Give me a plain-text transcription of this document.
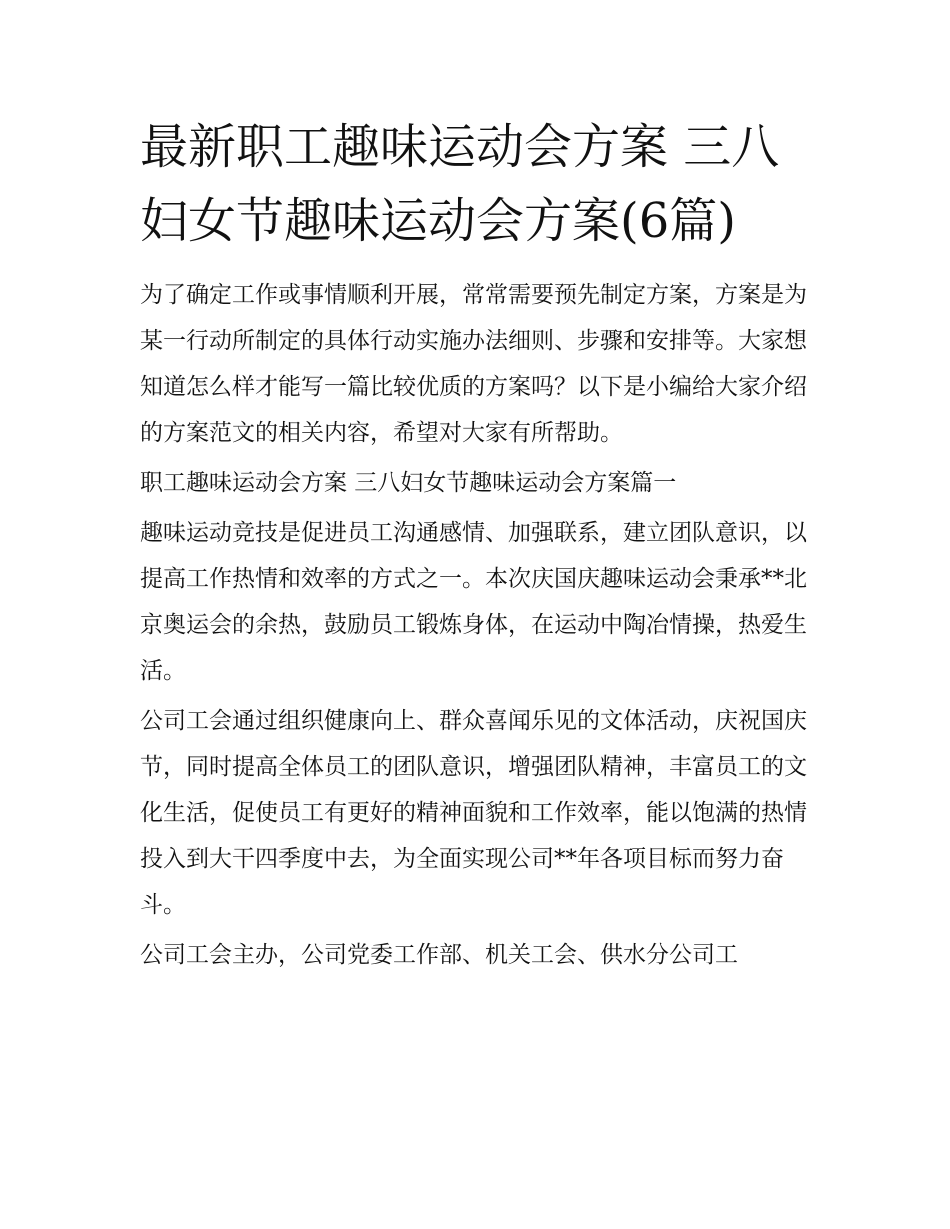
最新职工趣味运动会方案 三八妇女节趣味运动会方案(6篇)

为了确定工作或事情顺利开展，常常需要预先制定方案，方案是为某一行动所制定的具体行动实施办法细则、步骤和安排等。大家想知道怎么样才能写一篇比较优质的方案吗？以下是小编给大家介绍的方案范文的相关内容，希望对大家有所帮助。

职工趣味运动会方案 三八妇女节趣味运动会方案篇一

趣味运动竞技是促进员工沟通感情、加强联系，建立团队意识，以提高工作热情和效率的方式之一。本次庆国庆趣味运动会秉承**北京奥运会的余热，鼓励员工锻炼身体，在运动中陶冶情操，热爱生活。

公司工会通过组织健康向上、群众喜闻乐见的文体活动，庆祝国庆节，同时提高全体员工的团队意识，增强团队精神，丰富员工的文化生活，促使员工有更好的精神面貌和工作效率，能以饱满的热情投入到大干四季度中去，为全面实现公司**年各项目标而努力奋斗。

公司工会主办，公司党委工作部、机关工会、供水分公司工
